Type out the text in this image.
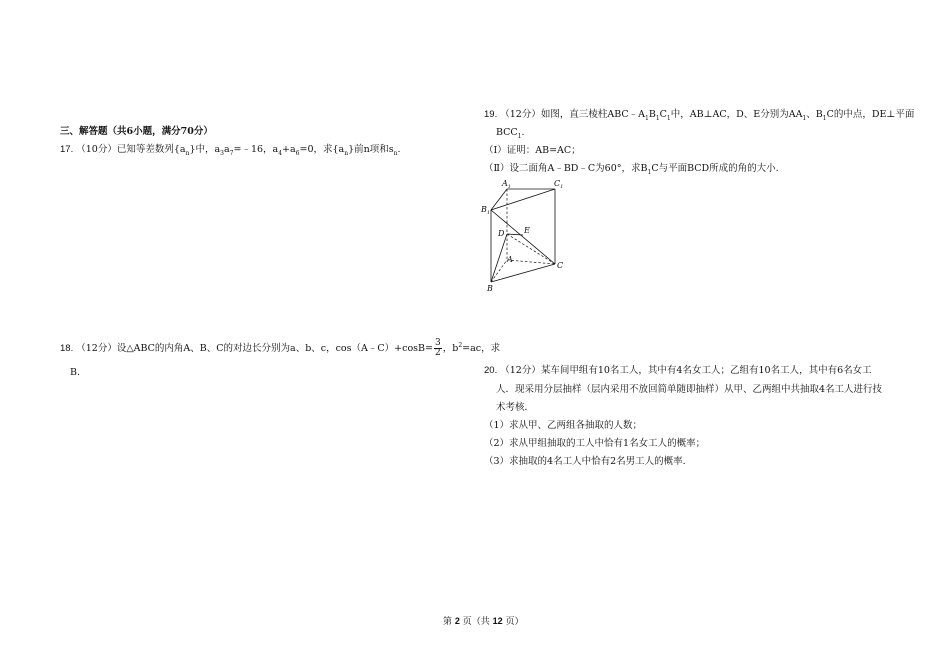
三、解答题（共6小题，满分70分）
17. （10分）已知等差数列$\{a_n\}$中，$a_3a_7=﹣16$，$a_4+a_6=0$，求$\{a_n\}$前n项和$s_n$.
18. （12分）设△ABC的内角A、B、C的对边长分别为a、b、c，cos（A﹣C）+cosB= $\frac{3}{2}$ ，$b^2=ac$，求
B.
19. （12分）如图，直三棱柱$ABC﹣A_1B_1C_1$中，AB⊥AC，D、E分别为$AA_1$、$B_1C$的中点，DE⊥平面
$BCC_1$.
（Ⅰ）证明：AB=AC；
（Ⅱ）设二面角A﹣BD﹣C为60°，求$B_1C$与平面BCD所成的角的大小.
$A_1$	$C_1$
$B_1$
D E
A
C
B
20. （12分）某车间甲组有10名工人，其中有4名女工人；乙组有10名工人，其中有6名女工
人．现采用分层抽样（层内采用不放回简单随即抽样）从甲、乙两组中共抽取4名工人进行技
术考核．
（1）求从甲、乙两组各抽取的人数；
（2）求从甲组抽取的工人中恰有1名女工人的概率；
（3）求抽取的4名工人中恰有2名男工人的概率.
第 2 页（共 12 页）
